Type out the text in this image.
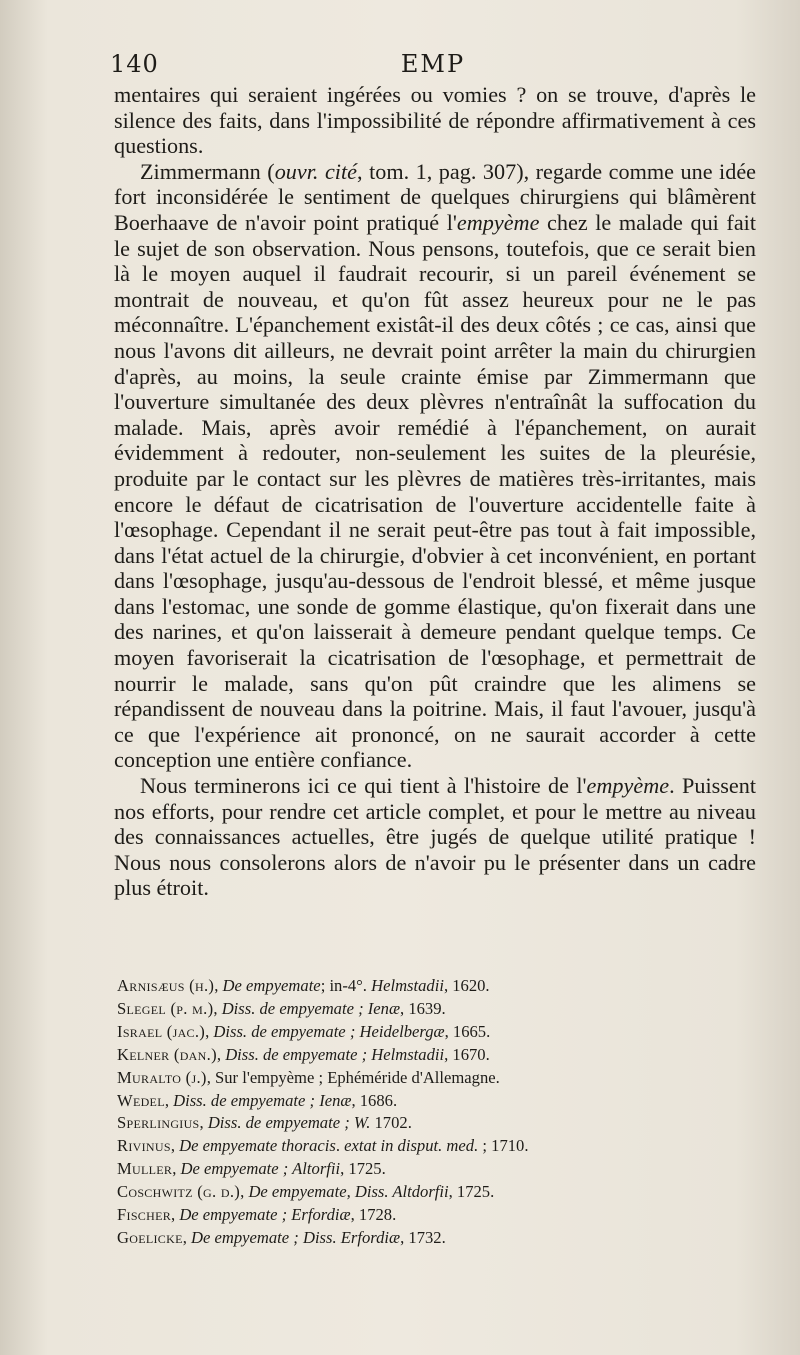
140	EMP

mentaires qui seraient ingérées ou vomies ? on se trouve, d'après le silence des faits, dans l'impossibilité de répondre affirmativement à ces questions.

Zimmermann (ouvr. cité, tom. 1, pag. 307), regarde comme une idée fort inconsidérée le sentiment de quelques chirurgiens qui blâmèrent Boerhaave de n'avoir point pratiqué l'empyème chez le malade qui fait le sujet de son observation. Nous pensons, toutefois, que ce serait bien là le moyen auquel il faudrait recourir, si un pareil événement se montrait de nouveau, et qu'on fût assez heureux pour ne le pas méconnaître. L'épanchement existât-il des deux côtés ; ce cas, ainsi que nous l'avons dit ailleurs, ne devrait point arrêter la main du chirurgien d'après, au moins, la seule crainte émise par Zimmermann que l'ouverture simultanée des deux plèvres n'entraînât la suffocation du malade. Mais, après avoir remédié à l'épanchement, on aurait évidemment à redouter, non-seulement les suites de la pleurésie, produite par le contact sur les plèvres de matières très-irritantes, mais encore le défaut de cicatrisation de l'ouverture accidentelle faite à l'œsophage. Cependant il ne serait peut-être pas tout à fait impossible, dans l'état actuel de la chirurgie, d'obvier à cet inconvénient, en portant dans l'œsophage, jusqu'au-dessous de l'endroit blessé, et même jusque dans l'estomac, une sonde de gomme élastique, qu'on fixerait dans une des narines, et qu'on laisserait à demeure pendant quelque temps. Ce moyen favoriserait la cicatrisation de l'œsophage, et permettrait de nourrir le malade, sans qu'on pût craindre que les alimens se répandissent de nouveau dans la poitrine. Mais, il faut l'avouer, jusqu'à ce que l'expérience ait prononcé, on ne saurait accorder à cette conception une entière confiance.

Nous terminerons ici ce qui tient à l'histoire de l'empyème. Puissent nos efforts, pour rendre cet article complet, et pour le mettre au niveau des connaissances actuelles, être jugés de quelque utilité pratique ! Nous nous consolerons alors de n'avoir pu le présenter dans un cadre plus étroit.

Arnisæus (h.), De empyemate; in-4°. Helmstadii, 1620.
Slegel (p. m.), Diss. de empyemate ; Ienæ, 1639.
Israel (jac.), Diss. de empyemate ; Heidelbergæ, 1665.
Kelner (dan.), Diss. de empyemate ; Helmstadii, 1670.
Muralto (j.), Sur l'empyème ; Ephéméride d'Allemagne.
Wedel, Diss. de empyemate ; Ienæ, 1686.
Sperlingius, Diss. de empyemate ; W. 1702.
Rivinus, De empyemate thoracis. extat in disput. med. ; 1710.
Muller, De empyemate ; Altorfii, 1725.
Coschwitz (g. d.), De empyemate, Diss. Altdorfii, 1725.
Fischer, De empyemate ; Erfordiæ, 1728.
Goelicke, De empyemate ; Diss. Erfordiæ, 1732.
